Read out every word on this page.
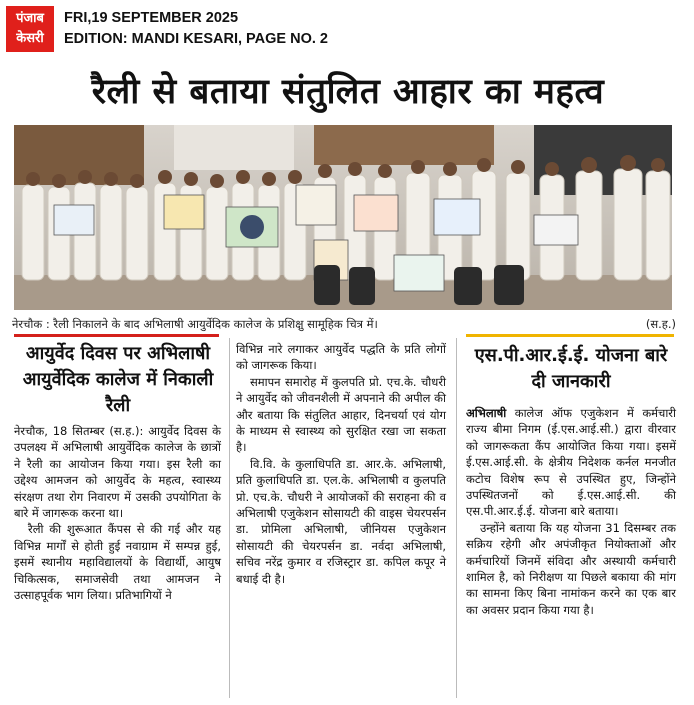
पंजाब
केसरी
FRI,19 SEPTEMBER 2025
EDITION: MANDI KESARI, PAGE NO. 2
रैली से बताया संतुलित आहार का महत्व
नेरचौक : रैली निकालने के बाद अभिलाषी आयुर्वेदिक कालेज के प्रशिक्षु सामूहिक चित्र में।	(स.ह.)
आयुर्वेद दिवस पर अभिलाषी आयुर्वेदिक कालेज में निकाली रैली

नेरचौक, 18 सितम्बर (स.ह.): आयुर्वेद दिवस के उपलक्ष्य में अभिलाषी आयुर्वेदिक कालेज के छात्रों ने रैली का आयोजन किया गया। इस रैली का उद्देश्य आमजन को आयुर्वेद के महत्व, स्वास्थ्य संरक्षण तथा रोग निवारण में उसकी उपयोगिता के बारे में जागरूक करना था।

रैली की शुरूआत कैंपस से की गई और यह विभिन्न मार्गों से होती हुई नवाग्राम में सम्पन्न हुई, इसमें स्थानीय महाविद्यालयों के विद्यार्थी, आयुष चिकित्सक, समाजसेवी तथा आमजन ने उत्साहपूर्वक भाग लिया। प्रतिभागियों ने

विभिन्न नारे लगाकर आयुर्वेद पद्धति के प्रति लोगों को जागरूक किया।

समापन समारोह में कुलपति प्रो. एच.के. चौधरी ने आयुर्वेद को जीवनशैली में अपनाने की अपील की और बताया कि संतुलित आहार, दिनचर्या एवं योग के माध्यम से स्वास्थ्य को सुरक्षित रखा जा सकता है।

वि.वि. के कुलाधिपति डा. आर.के. अभिलाषी, प्रति कुलाधिपति डा. एल.के. अभिलाषी व कुलपति प्रो. एच.के. चौधरी ने आयोजकों की सराहना की व अभिलाषी एजुकेशन सोसायटी की वाइस चेयरपर्सन डा. प्रोमिला अभिलाषी, जीनियस एजुकेशन सोसायटी की चेयरपर्सन डा. नर्वदा अभिलाषी, सचिव नरेंद्र कुमार व रजिस्ट्रार डा. कपिल कपूर ने बधाई दी है।

एस.पी.आर.ई.ई. योजना बारे दी जानकारी

अभिलाषी कालेज ऑफ एजुकेशन में कर्मचारी राज्य बीमा निगम (ई.एस.आई.सी.) द्वारा वीरवार को जागरूकता कैंप आयोजित किया गया। इसमें ई.एस.आई.सी. के क्षेत्रीय निदेशक कर्नल मनजीत कटोच विशेष रूप से उपस्थित हुए, जिन्होंने उपस्थितजनों को ई.एस.आई.सी. की एस.पी.आर.ई.ई. योजना बारे बताया।

उन्होंने बताया कि यह योजना 31 दिसम्बर तक सक्रिय रहेगी और अपंजीकृत नियोक्ताओं और कर्मचारियों जिनमें संविदा और अस्थायी कर्मचारी शामिल है, को निरीक्षण या पिछले बकाया की मांग का सामना किए बिना नामांकन करने का एक बार का अवसर प्रदान किया गया है।
